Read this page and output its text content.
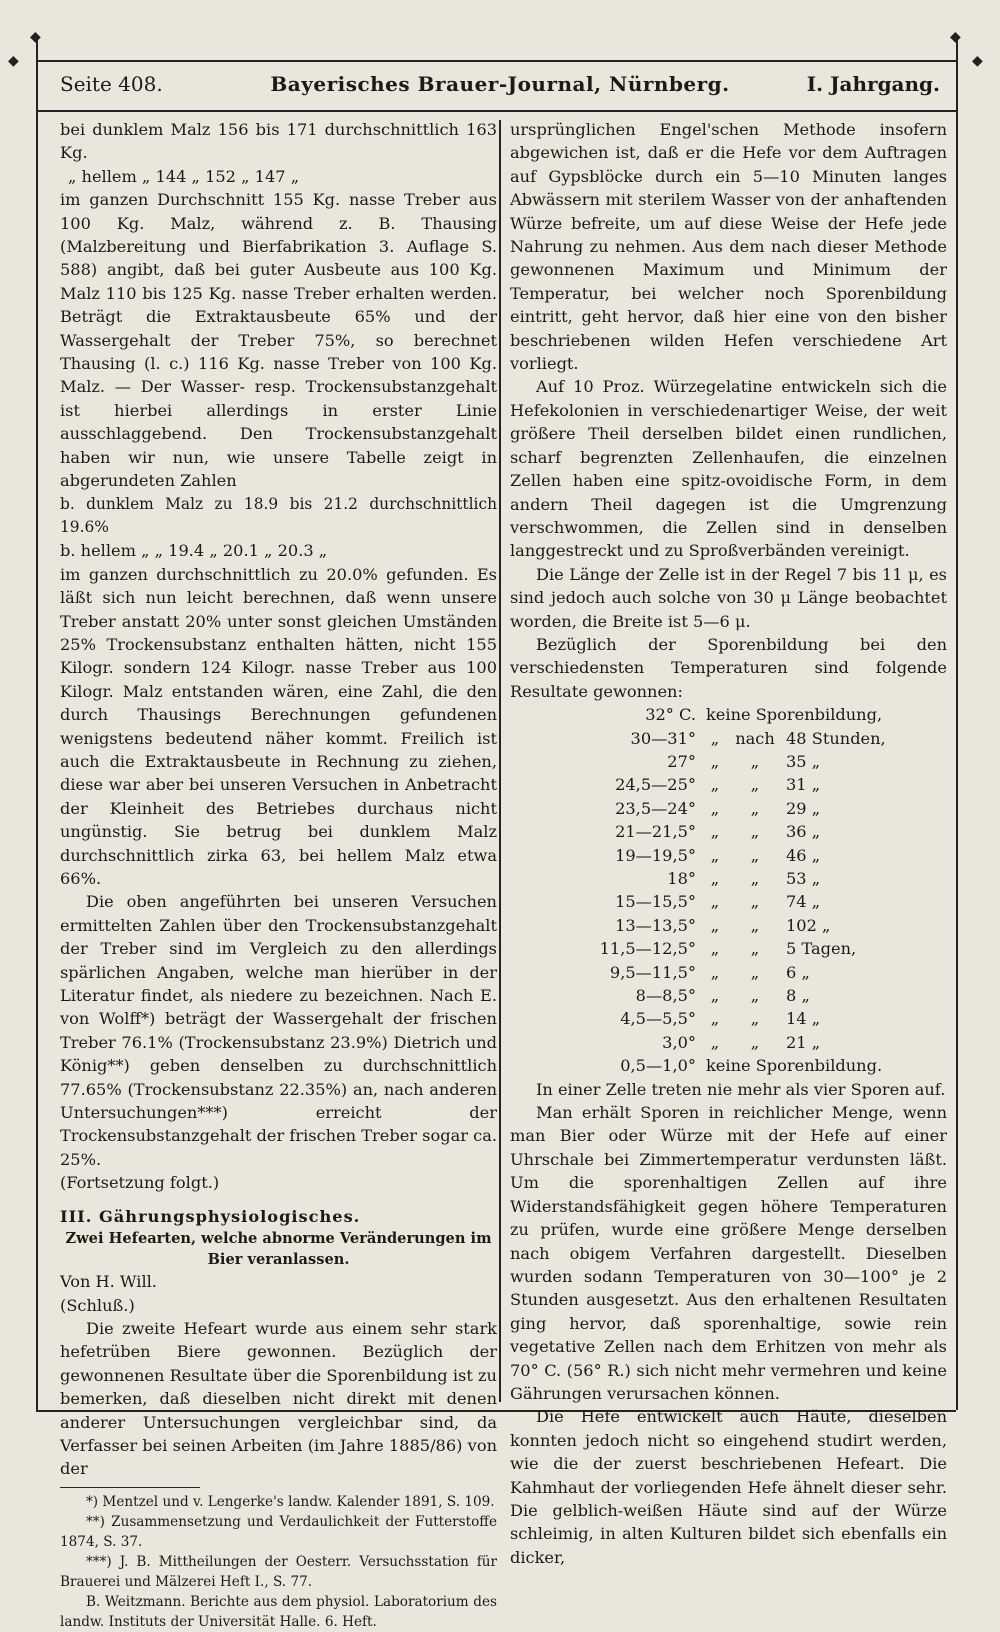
◆	◆
◆	◆
Seite 408.	Bayerisches Brauer-Journal, Nürnberg.	I. Jahrgang.

bei dunklem Malz 156 bis 171 durchschnittlich 163 Kg.

„ hellem „ 144 „ 152 „ 147 „

im ganzen Durchschnitt 155 Kg. nasse Treber aus 100 Kg. Malz, während z. B. Thausing (Malzbereitung und Bierfabrikation 3. Auflage S. 588) angibt, daß bei guter Ausbeute aus 100 Kg. Malz 110 bis 125 Kg. nasse Treber erhalten werden. Beträgt die Extraktausbeute 65% und der Wassergehalt der Treber 75%, so berechnet Thausing (l. c.) 116 Kg. nasse Treber von 100 Kg. Malz. — Der Wasser- resp. Trockensubstanzgehalt ist hierbei allerdings in erster Linie ausschlaggebend. Den Trockensubstanzgehalt haben wir nun, wie unsere Tabelle zeigt in abgerundeten Zahlen

b. dunklem Malz zu 18.9 bis 21.2 durchschnittlich 19.6%

b. hellem „ „ 19.4 „ 20.1 „ 20.3 „

im ganzen durchschnittlich zu 20.0% gefunden. Es läßt sich nun leicht berechnen, daß wenn unsere Treber anstatt 20% unter sonst gleichen Umständen 25% Trockensubstanz enthalten hätten, nicht 155 Kilogr. sondern 124 Kilogr. nasse Treber aus 100 Kilogr. Malz entstanden wären, eine Zahl, die den durch Thausings Berechnungen gefundenen wenigstens bedeutend näher kommt. Freilich ist auch die Extraktausbeute in Rechnung zu ziehen, diese war aber bei unseren Versuchen in Anbetracht der Kleinheit des Betriebes durchaus nicht ungünstig. Sie betrug bei dunklem Malz durchschnittlich zirka 63, bei hellem Malz etwa 66%.

Die oben angeführten bei unseren Versuchen ermittelten Zahlen über den Trockensubstanzgehalt der Treber sind im Vergleich zu den allerdings spärlichen Angaben, welche man hierüber in der Literatur findet, als niedere zu bezeichnen. Nach E. von Wolff*) beträgt der Wassergehalt der frischen Treber 76.1% (Trockensubstanz 23.9%) Dietrich und König**) geben denselben zu durchschnittlich 77.65% (Trockensubstanz 22.35%) an, nach anderen Untersuchungen***) erreicht der Trockensubstanzgehalt der frischen Treber sogar ca. 25%.

(Fortsetzung folgt.)

III. Gährungsphysiologisches.

Zwei Hefearten, welche abnorme Veränderungen im Bier veranlassen.

Von H. Will.

(Schluß.)

Die zweite Hefeart wurde aus einem sehr stark hefetrüben Biere gewonnen. Bezüglich der gewonnenen Resultate über die Sporenbildung ist zu bemerken, daß dieselben nicht direkt mit denen anderer Untersuchungen vergleichbar sind, da Verfasser bei seinen Arbeiten (im Jahre 1885/86) von der

*) Mentzel und v. Lengerke's landw. Kalender 1891, S. 109.

**) Zusammensetzung und Verdaulichkeit der Futterstoffe 1874, S. 37.

***) J. B. Mittheilungen der Oesterr. Versuchsstation für Brauerei und Mälzerei Heft I., S. 77.

B. Weitzmann. Berichte aus dem physiol. Laboratorium des landw. Instituts der Universität Halle. 6. Heft.

ursprünglichen Engel'schen Methode insofern abgewichen ist, daß er die Hefe vor dem Auftragen auf Gypsblöcke durch ein 5—10 Minuten langes Abwässern mit sterilem Wasser von der anhaftenden Würze befreite, um auf diese Weise der Hefe jede Nahrung zu nehmen. Aus dem nach dieser Methode gewonnenen Maximum und Minimum der Temperatur, bei welcher noch Sporenbildung eintritt, geht hervor, daß hier eine von den bisher beschriebenen wilden Hefen verschiedene Art vorliegt.

Auf 10 Proz. Würzegelatine entwickeln sich die Hefekolonien in verschiedenartiger Weise, der weit größere Theil derselben bildet einen rundlichen, scharf begrenzten Zellenhaufen, die einzelnen Zellen haben eine spitz-ovoidische Form, in dem andern Theil dagegen ist die Umgrenzung verschwommen, die Zellen sind in denselben langgestreckt und zu Sproßverbänden vereinigt.

Die Länge der Zelle ist in der Regel 7 bis 11 μ, es sind jedoch auch solche von 30 μ Länge beobachtet worden, die Breite ist 5—6 μ.

Bezüglich der Sporenbildung bei den verschiedensten Temperaturen sind folgende Resultate gewonnen:

32° C.	keine Sporenbildung,		
30—31°	„	nach	48 Stunden,
27°	„	„	35 „
24,5—25°	„	„	31 „
23,5—24°	„	„	29 „
21—21,5°	„	„	36 „
19—19,5°	„	„	46 „
18°	„	„	53 „
15—15,5°	„	„	74 „
13—13,5°	„	„	102 „
11,5—12,5°	„	„	5 Tagen,
9,5—11,5°	„	„	6 „
8—8,5°	„	„	8 „
4,5—5,5°	„	„	14 „
3,0°	„	„	21 „
0,5—1,0°	keine Sporenbildung.		

In einer Zelle treten nie mehr als vier Sporen auf.

Man erhält Sporen in reichlicher Menge, wenn man Bier oder Würze mit der Hefe auf einer Uhrschale bei Zimmertemperatur verdunsten läßt. Um die sporenhaltigen Zellen auf ihre Widerstandsfähigkeit gegen höhere Temperaturen zu prüfen, wurde eine größere Menge derselben nach obigem Verfahren dargestellt. Dieselben wurden sodann Temperaturen von 30—100° je 2 Stunden ausgesetzt. Aus den erhaltenen Resultaten ging hervor, daß sporenhaltige, sowie rein vegetative Zellen nach dem Erhitzen von mehr als 70° C. (56° R.) sich nicht mehr vermehren und keine Gährungen verursachen können.

Die Hefe entwickelt auch Häute, dieselben konnten jedoch nicht so eingehend studirt werden, wie die der zuerst beschriebenen Hefeart. Die Kahmhaut der vorliegenden Hefe ähnelt dieser sehr. Die gelblich-weißen Häute sind auf der Würze schleimig, in alten Kulturen bildet sich ebenfalls ein dicker,
